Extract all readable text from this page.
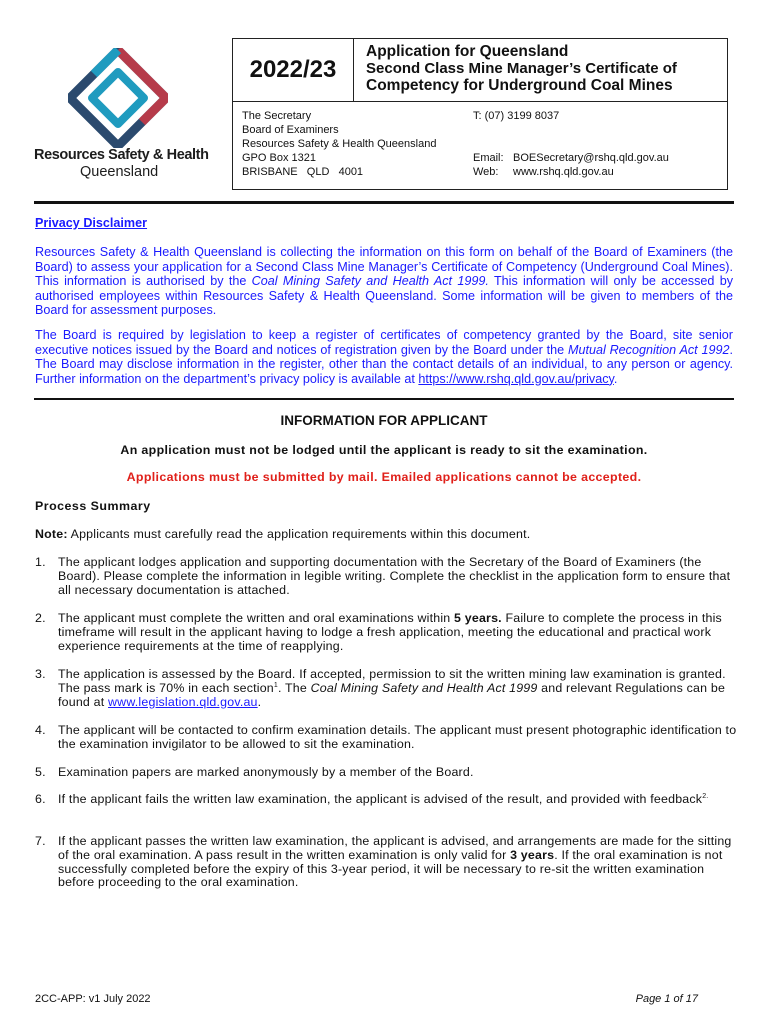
Resources Safety & Health
Queensland
2022/23
Application for Queensland
Second Class Mine Manager’s Certificate of
Competency for Underground Coal Mines
The Secretary
Board of Examiners
Resources Safety & Health Queensland
GPO Box 1321
BRISBANE   QLD   4001
T: (07) 3199 8037
Email: BOESecretary@rshq.qld.gov.au
Web: www.rshq.qld.gov.au
Privacy Disclaimer
Resources Safety & Health Queensland is collecting the information on this form on behalf of the Board of Examiners (the Board) to assess your application for a Second Class Mine Manager’s Certificate of Competency (Underground Coal Mines). This information is authorised by the Coal Mining Safety and Health Act 1999. This information will only be accessed by authorised employees within Resources Safety & Health Queensland. Some information will be given to members of the Board for assessment purposes.
The Board is required by legislation to keep a register of certificates of competency granted by the Board, site senior executive notices issued by the Board and notices of registration given by the Board under the Mutual Recognition Act 1992. The Board may disclose information in the register, other than the contact details of an individual, to any person or agency. Further information on the department’s privacy policy is available at https://www.rshq.qld.gov.au/privacy.
INFORMATION FOR APPLICANT
An application must not be lodged until the applicant is ready to sit the examination.
Applications must be submitted by mail. Emailed applications cannot be accepted.
Process Summary
Note: Applicants must carefully read the application requirements within this document.
1. The applicant lodges application and supporting documentation with the Secretary of the Board of Examiners (the Board). Please complete the information in legible writing. Complete the checklist in the application form to ensure that all necessary documentation is attached.
2. The applicant must complete the written and oral examinations within 5 years. Failure to complete the process in this timeframe will result in the applicant having to lodge a fresh application, meeting the educational and practical work experience requirements at the time of reapplying.
3. The application is assessed by the Board. If accepted, permission to sit the written mining law examination is granted. The pass mark is 70% in each section$^1$. The Coal Mining Safety and Health Act 1999 and relevant Regulations can be found at www.legislation.qld.gov.au.
4. The applicant will be contacted to confirm examination details. The applicant must present photographic identification to the examination invigilator to be allowed to sit the examination.
5. Examination papers are marked anonymously by a member of the Board.
6. If the applicant fails the written law examination, the applicant is advised of the result, and provided with feedback$^{2.}$
7. If the applicant passes the written law examination, the applicant is advised, and arrangements are made for the sitting of the oral examination. A pass result in the written examination is only valid for 3 years. If the oral examination is not successfully completed before the expiry of this 3-year period, it will be necessary to re-sit the written examination before proceeding to the oral examination.
2CC-APP: v1 July 2022	Page 1 of 17
